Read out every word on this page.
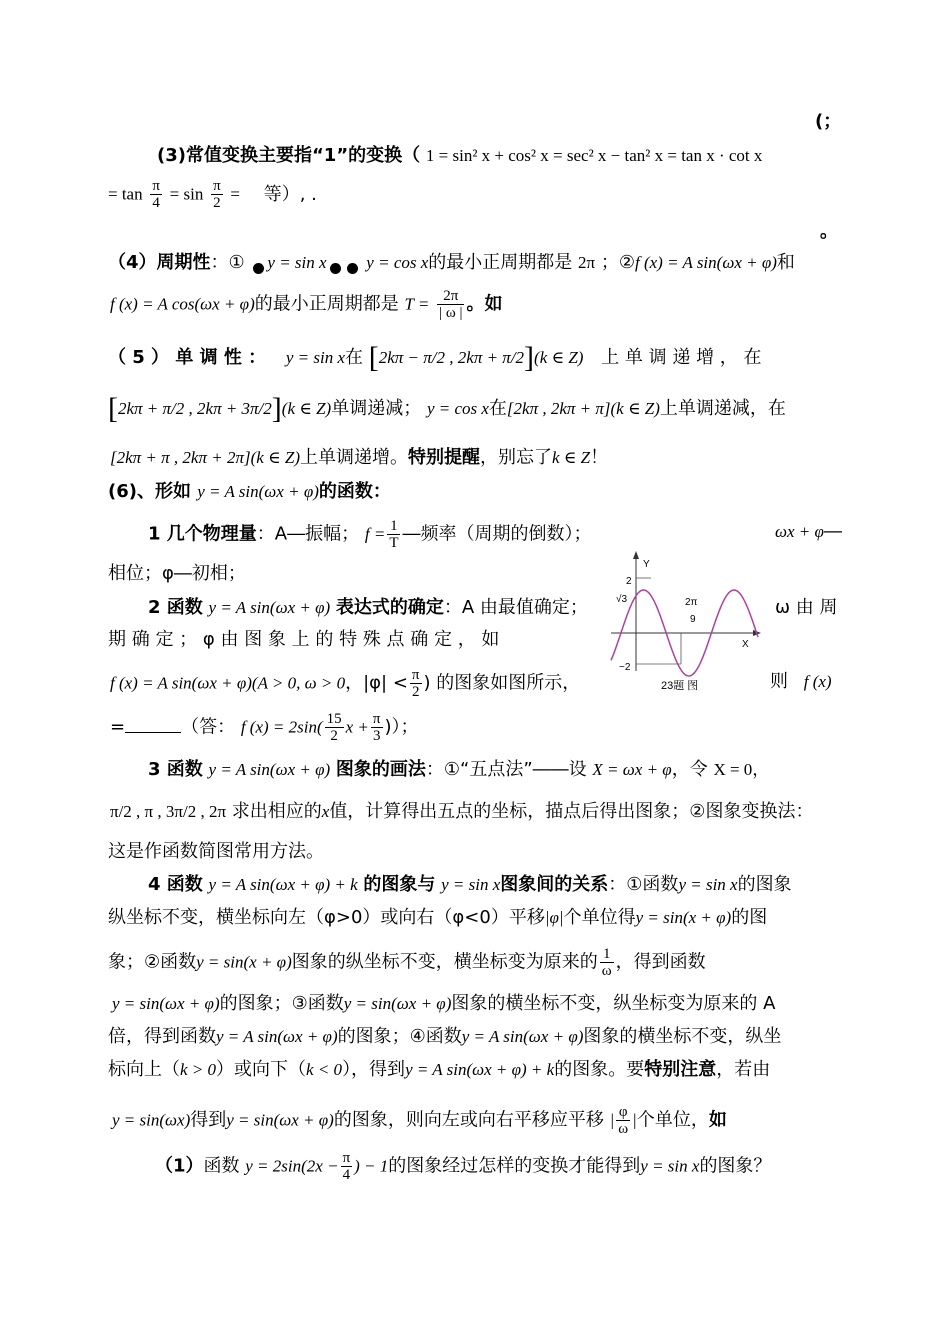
(；
(3)常值变换主要指“1”的变换（ 1 = sin² x + cos² x = sec² x − tan² x = tan x · cot x
= $\tan \frac{\pi}{4} = \sin \frac{\pi}{2}$ = 等）, .
。
（4）周期性：① y = sin x y = cos x的最小正周期都是 2π ；②f (x) = A sin(ωx + φ)和
f (x) = A cos(ωx + φ)的最小正周期都是 $T = \frac{2\pi}{| \omega |}$ 。如
（ 5 ） 单 调 性 ： y = sin x在 [2kπ − π/2 , 2kπ + π/2](k ∈ Z) 上 单 调 递 增 ， 在
[2kπ + π/2 , 2kπ + 3π/2](k ∈ Z)单调递减； y = cos x在[2kπ , 2kπ + π](k ∈ Z)上单调递减，在
[2kπ + π , 2kπ + 2π](k ∈ Z)上单调递增。特别提醒，别忘了k ∈ Z！
(6)、形如 y = A sin(ωx + φ)的函数：
1 几个物理量：A―振幅； $f = \frac{1}{T}$ ―频率（周期的倒数）；	ωx + φ―
相位；φ―初相；
2 函数 y = A sin(ωx + φ) 表达式的确定：A 由最值确定；	ω 由 周
期 确 定 ； φ 由 图 象 上 的 特 殊 点 确 定 ， 如
f (x) = A sin(ωx + φ)(A > 0, ω > 0，$|\varphi| < \frac{\pi}{2}$ ) 的图象如图所示，	则 f (x)
=	（答： f $(x) = 2\sin( \frac{15}{2}$ $x + \frac{\pi}{3}$ )）；
Y
X
2
√3
−2
2π
9
23题 图
3 函数 y = A sin(ωx + φ) 图象的画法：①“五点法”――设 X = ωx + φ，令 X = 0，
π/2 , π , 3π/2 , 2π 求出相应的x值，计算得出五点的坐标，描点后得出图象；②图象变换法：
这是作函数简图常用方法。
4 函数 y = A sin(ωx + φ) + k 的图象与 y = sin x图象间的关系：①函数y = sin x的图象
纵坐标不变，横坐标向左（φ>0）或向右（φ<0）平移|φ|个单位得y = sin(x + φ)的图
象；②函数y = sin(x + φ)图象的纵坐标不变，横坐标变为原来的 $\frac{1}{\omega}$ ，得到函数
y = sin(ωx + φ)的图象；③函数y = sin(ωx + φ)图象的横坐标不变，纵坐标变为原来的 A
倍，得到函数y = A sin(ωx + φ)的图象；④函数y = A sin(ωx + φ)图象的横坐标不变，纵坐
标向上（k > 0）或向下（k < 0），得到y = A sin(ωx + φ) + k的图象。要特别注意，若由
y = sin(ωx)得到y = sin(ωx + φ)的图象，则向左或向右平移应平移 | $\frac{\varphi}{\omega}$ |个单位，如
（1）函数 $y = 2\sin(2x - \frac{\pi}{4}$ ) − 1的图象经过怎样的变换才能得到y = sin x的图象？
